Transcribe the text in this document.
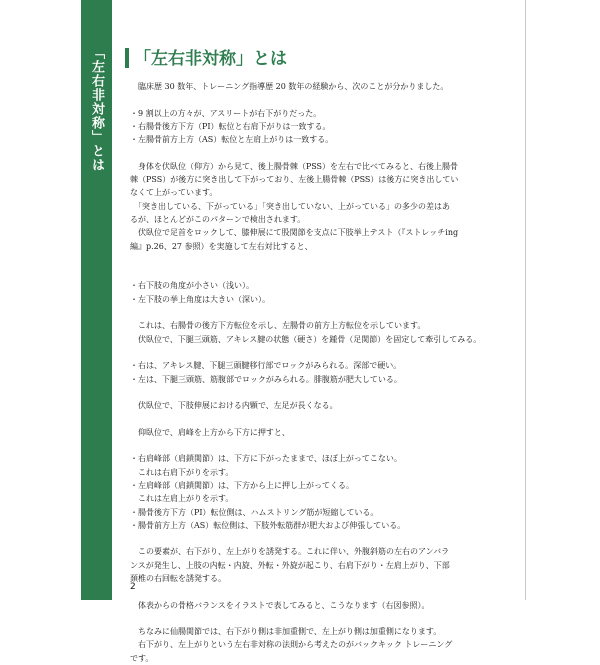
「左右非対称」とは	「左右非対称」とは
　臨床歴 30 数年、トレーニング指導歴 20 数年の経験から、次のことが分かりました。
・9 割以上の方々が、アスリートが右下がりだった。
・右腸骨後方下方（PI）転位と右肩下がりは一致する。
・左腸骨前方上方（AS）転位と左肩上がりは一致する。
　身体を伏臥位（仰方）から見て、後上腸骨棘（PSS）を左右で比べてみると、右後上腸骨
棘（PSS）が後方に突き出して下がっており、左後上腸骨棘（PSS）は後方に突き出してい
なくて上がっています。
　「突き出している、下がっている」「突き出していない、上がっている」の多少の差はあ
るが、ほとんどがこのパターンで検出されます。
　伏臥位で足首をロックして、膝伸展にて股関節を支点に下肢挙上テスト（『ストレッチing
編』p.26、27 参照）を実施して左右対比すると、
・右下肢の角度が小さい（浅い）。
・左下肢の挙上角度は大きい（深い）。
　これは、右腸骨の後方下方転位を示し、左腸骨の前方上方転位を示しています。
　伏臥位で、下腿三頭筋、アキレス腱の状態（硬さ）を踵骨（足関節）を固定して牽引してみる。
・右は、アキレス腱、下腿三頭腱移行部でロックがみられる。深部で硬い。
・左は、下腿三頭筋、筋腹部でロックがみられる。腓腹筋が肥大している。
　伏臥位で、下肢伸展における内顆で、左足が長くなる。
　仰臥位で、肩峰を上方から下方に押すと、
・右肩峰部（肩鎖関節）は、下方に下がったままで、ほぼ上がってこない。
　これは右肩下がりを示す。
・左肩峰部（肩鎖関節）は、下方から上に押し上がってくる。
　これは左肩上がりを示す。
・腸骨後方下方（PI）転位側は、ハムストリング筋が短縮している。
・腸骨前方上方（AS）転位側は、下肢外転筋群が肥大および伸張している。
　この要素が、右下がり、左上がりを誘発する。これに伴い、外腹斜筋の左右のアンバラ
ンスが発生し、上肢の内転・内旋、外転・外旋が起こり、右肩下がり・左肩上がり、下部
頚椎の右回転を誘発する。
　体表からの骨格バランスをイラストで表してみると、こうなります（右図参照）。
　ちなみに仙腸関節では、右下がり側は非加重側で、左上がり側は加重側になります。
　右下がり、左上がりという左右非対称の法則から考えたのがバックキック トレーニング
です。
2
